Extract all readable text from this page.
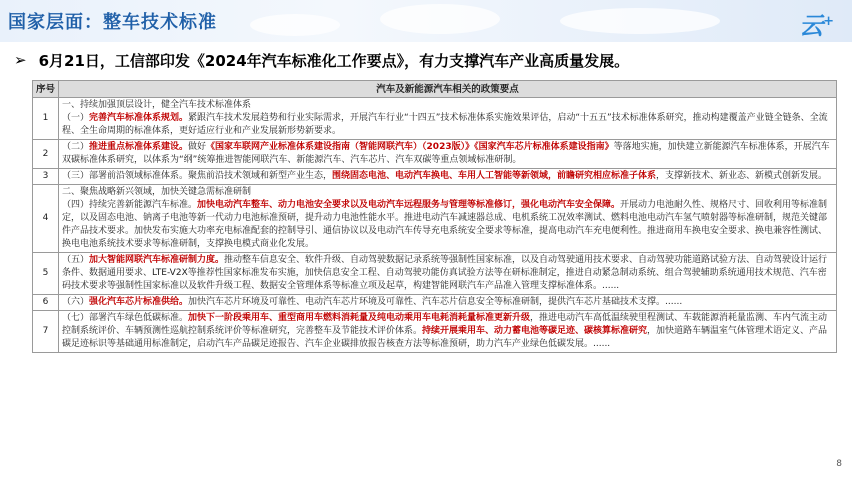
国家层面：整车技术标准	云+
➢ 6月21日，工信部印发《2024年汽车标准化工作要点》，有力支撑汽车产业高质量发展。
序号	汽车及新能源汽车相关的政策要点
1	一、持续加强顶层设计，健全汽车技术标准体系
（一）完善汽车标准体系规划。紧跟汽车技术发展趋势和行业实际需求，开展汽车行业“十四五”技术标准体系实施效果评估，启动“十五五”技术标准体系研究，推动构建覆盖产业链全链条、全流程、全生命周期的标准体系，更好适应行业和产业发展新形势新要求。
2	（二）推进重点标准体系建设。做好《国家车联网产业标准体系建设指南（智能网联汽车）（2023版）》《国家汽车芯片标准体系建设指南》等落地实施，加快建立新能源汽车标准体系，开展汽车双碳标准体系研究，以体系为“纲”统筹推进智能网联汽车、新能源汽车、汽车芯片、汽车双碳等重点领域标准研制。
3	（三）部署前沿领域标准体系。聚焦前沿技术领域和新型产业生态，围绕固态电池、电动汽车换电、车用人工智能等新领域，前瞻研究相应标准子体系，支撑新技术、新业态、新模式创新发展。
4	二、聚焦战略新兴领域，加快关键急需标准研制
（四）持续完善新能源汽车标准。加快电动汽车整车、动力电池安全要求以及电动汽车远程服务与管理等标准修订，强化电动汽车安全保障。开展动力电池耐久性、规格尺寸、回收利用等标准制定，以及固态电池、钠离子电池等新一代动力电池标准预研，提升动力电池性能水平。推进电动汽车减速器总成、电机系统工况效率测试、燃料电池电动汽车氢气喷射器等标准研制，规范关键部件产品技术要求。加快发布实施大功率充电标准配套的控制导引、通信协议以及电动汽车传导充电系统安全要求等标准，提高电动汽车充电便利性。推进商用车换电安全要求、换电兼容性测试、换电电池系统技术要求等标准研制，支撑换电模式商业化发展。
5	（五）加大智能网联汽车标准研制力度。推动整车信息安全、软件升级、自动驾驶数据记录系统等强制性国家标准，以及自动驾驶通用技术要求、自动驾驶功能道路试验方法、自动驾驶设计运行条件、数据通用要求、LTE-V2X等推荐性国家标准发布实施，加快信息安全工程、自动驾驶功能仿真试验方法等在研标准制定，推进自动紧急制动系统、组合驾驶辅助系统通用技术规范、汽车密码技术要求等强制性国家标准以及软件升级工程、数据安全管理体系等标准立项及起草，构建智能网联汽车产品准入管理支撑标准体系。......
6	（六）强化汽车芯片标准供给。加快汽车芯片环境及可靠性、电动汽车芯片环境及可靠性、汽车芯片信息安全等标准研制，提供汽车芯片基础技术支撑。......
7	（七）部署汽车绿色低碳标准。加快下一阶段乘用车、重型商用车燃料消耗量及纯电动乘用车电耗消耗量标准更新升级，推进电动汽车高低温续驶里程测试、车载能源消耗量监测、车内气流主动控制系统评价、车辆预测性巡航控制系统评价等标准研究，完善整车及节能技术评价体系。持续开展乘用车、动力蓄电池等碳足迹、碳核算标准研究，加快道路车辆温室气体管理术语定义、产品碳足迹标识等基础通用标准制定，启动汽车产品碳足迹报告、汽车企业碳排放报告核查方法等标准预研，助力汽车产业绿色低碳发展。......
8
